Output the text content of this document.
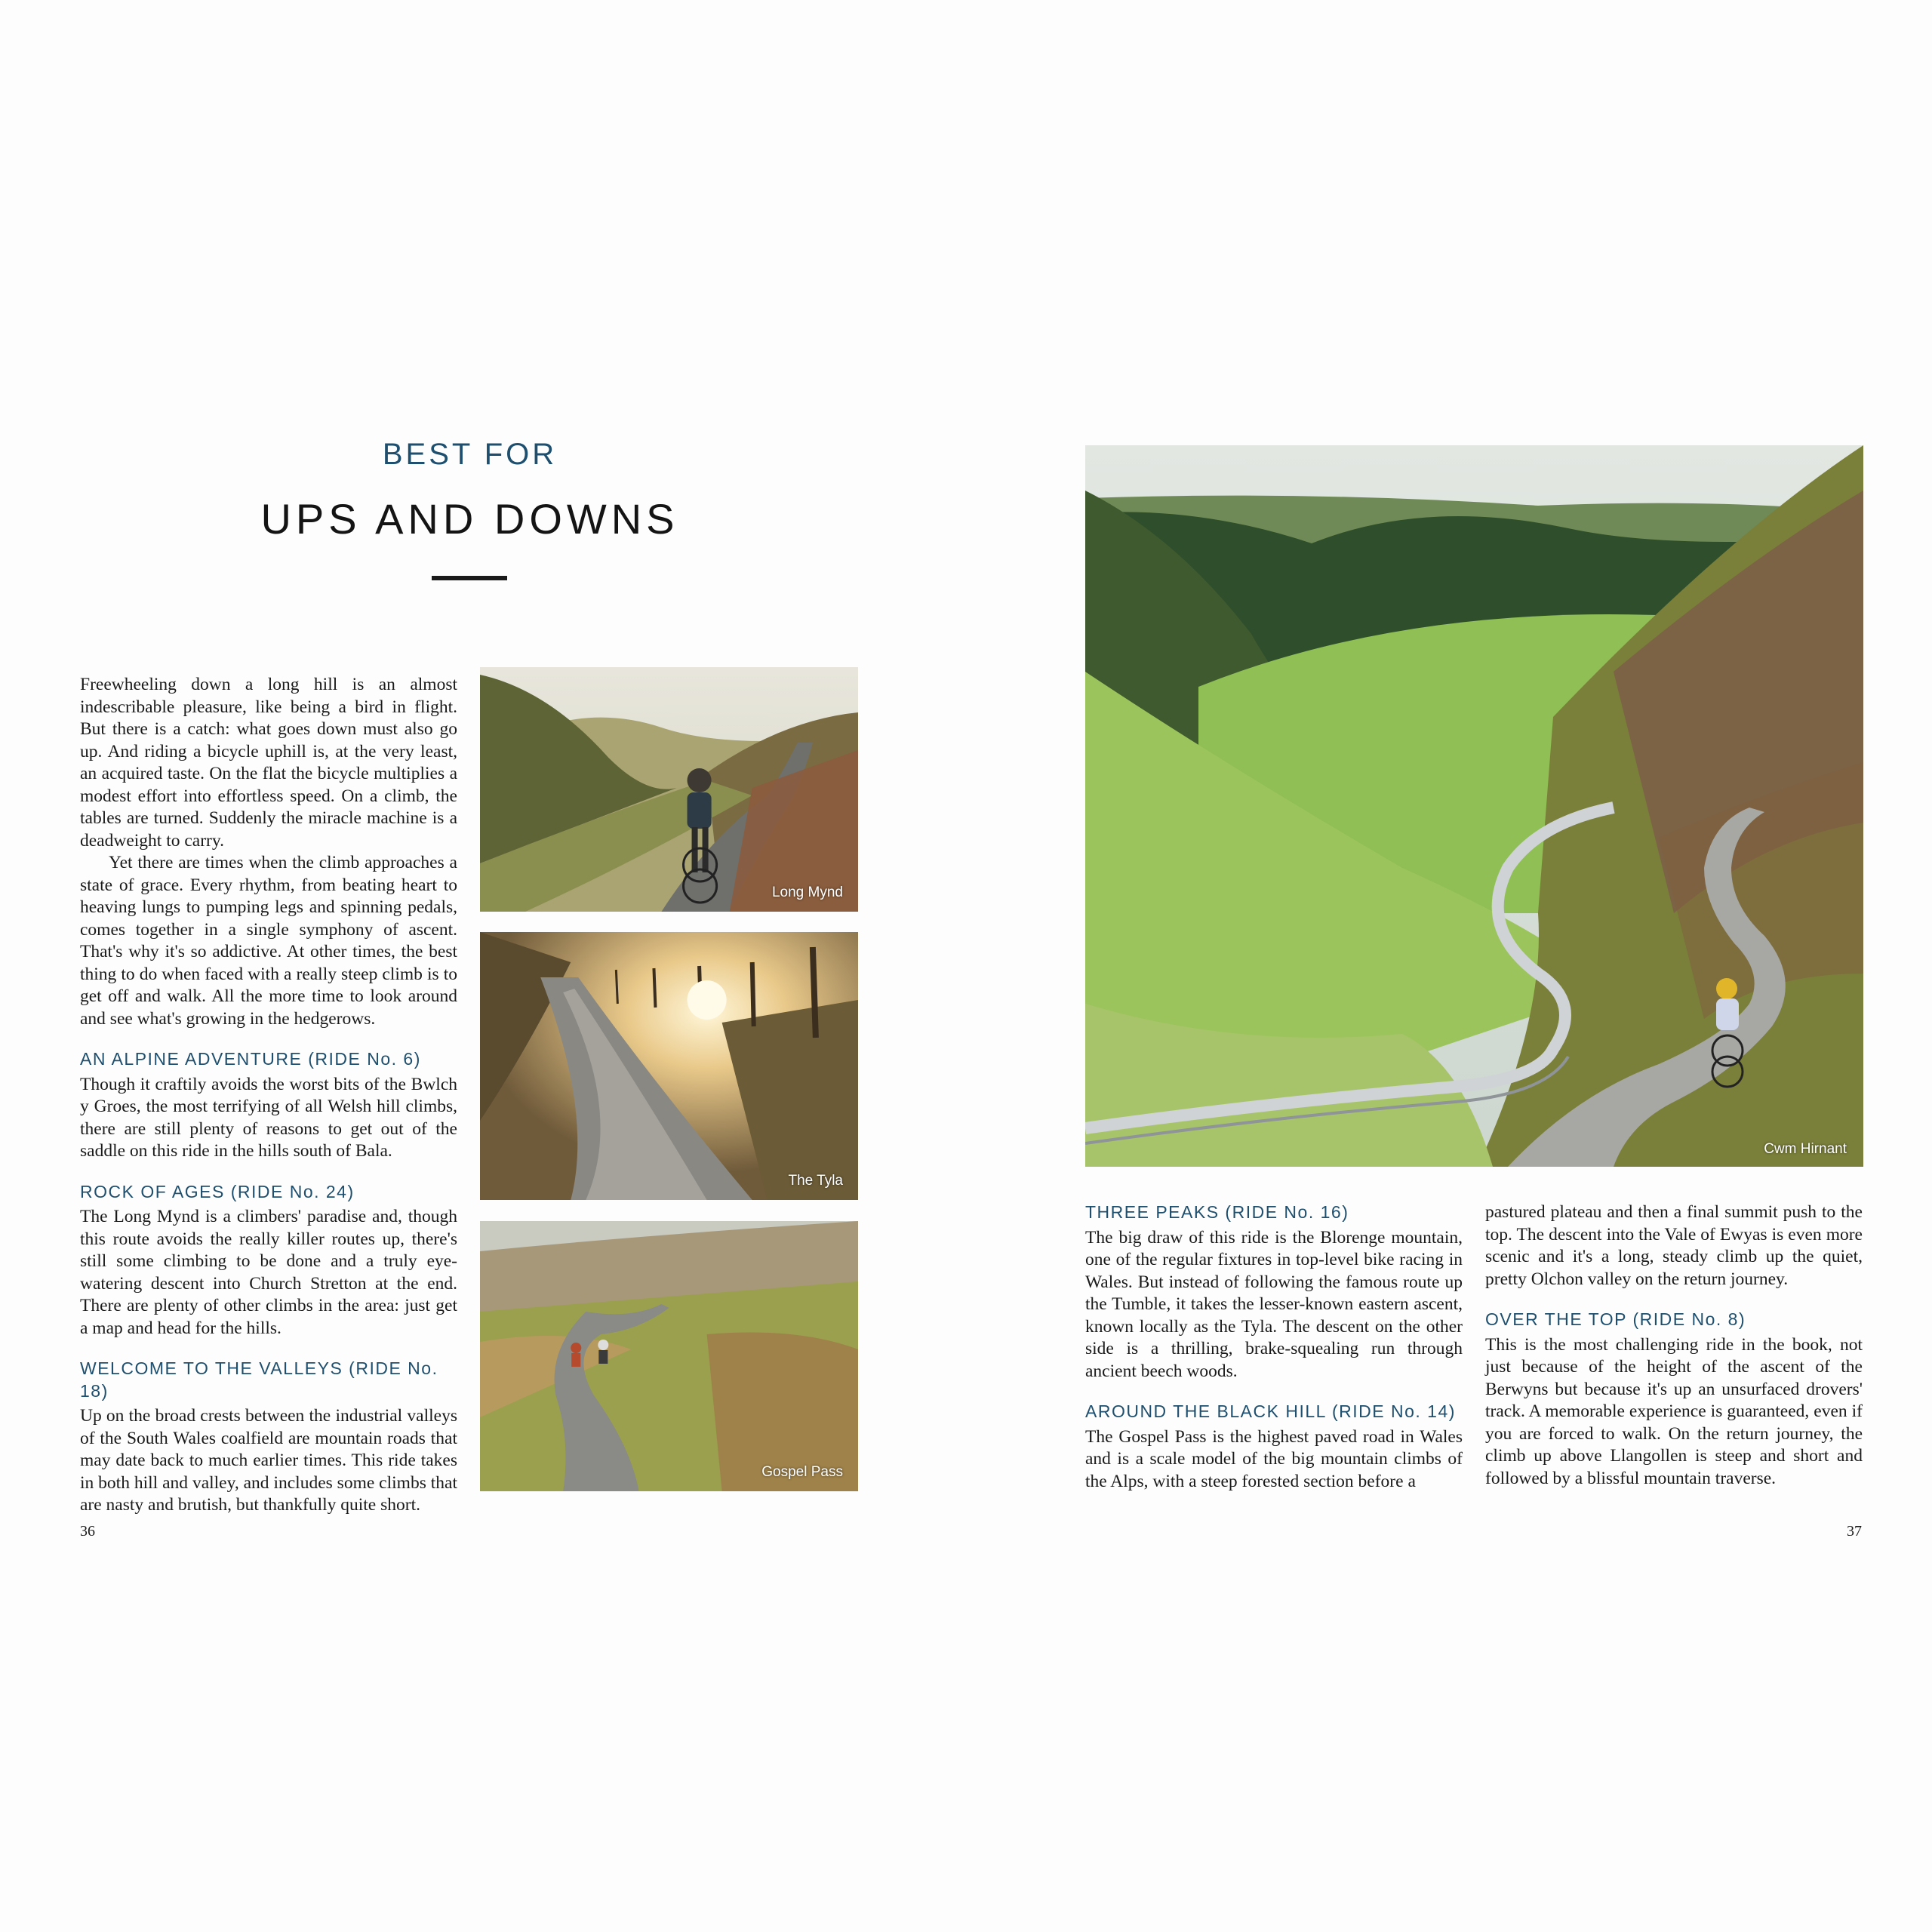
BEST FOR
UPS AND DOWNS

Freewheeling down a long hill is an almost indescribable pleasure, like being a bird in flight. But there is a catch: what goes down must also go up. And riding a bicycle uphill is, at the very least, an acquired taste. On the flat the bicycle multiplies a modest effort into effortless speed. On a climb, the tables are turned. Suddenly the miracle machine is a deadweight to carry.

Yet there are times when the climb approaches a state of grace. Every rhythm, from beating heart to heaving lungs to pumping legs and spinning pedals, comes together in a single symphony of ascent. That's why it's so addictive. At other times, the best thing to do when faced with a really steep climb is to get off and walk. All the more time to look around and see what's growing in the hedgerows.

AN ALPINE ADVENTURE (RIDE No. 6)

Though it craftily avoids the worst bits of the Bwlch y Groes, the most terrifying of all Welsh hill climbs, there are still plenty of reasons to get out of the saddle on this ride in the hills south of Bala.

ROCK OF AGES (RIDE No. 24)

The Long Mynd is a climbers' paradise and, though this route avoids the really killer routes up, there's still some climbing to be done and a truly eye-watering descent into Church Stretton at the end. There are plenty of other climbs in the area: just get a map and head for the hills.

WELCOME TO THE VALLEYS (RIDE No. 18)

Up on the broad crests between the industrial valleys of the South Wales coalfield are mountain roads that may date back to much earlier times. This ride takes in both hill and valley, and includes some climbs that are nasty and brutish, but thankfully quite short.

Long Mynd
The Tyla
Gospel Pass
36
Cwm Hirnant
THREE PEAKS (RIDE No. 16)

The big draw of this ride is the Blorenge mountain, one of the regular fixtures in top-level bike racing in Wales. But instead of following the famous route up the Tumble, it takes the lesser-known eastern ascent, known locally as the Tyla. The descent on the other side is a thrilling, brake-squealing run through ancient beech woods.

AROUND THE BLACK HILL (RIDE No. 14)

The Gospel Pass is the highest paved road in Wales and is a scale model of the big mountain climbs of the Alps, with a steep forested section before a

pastured plateau and then a final summit push to the top. The descent into the Vale of Ewyas is even more scenic and it's a long, steady climb up the quiet, pretty Olchon valley on the return journey.

OVER THE TOP (RIDE No. 8)

This is the most challenging ride in the book, not just because of the height of the ascent of the Berwyns but because it's up an unsurfaced drovers' track. A memorable experience is guaranteed, even if you are forced to walk. On the return journey, the climb up above Llangollen is steep and short and followed by a blissful mountain traverse.

37
